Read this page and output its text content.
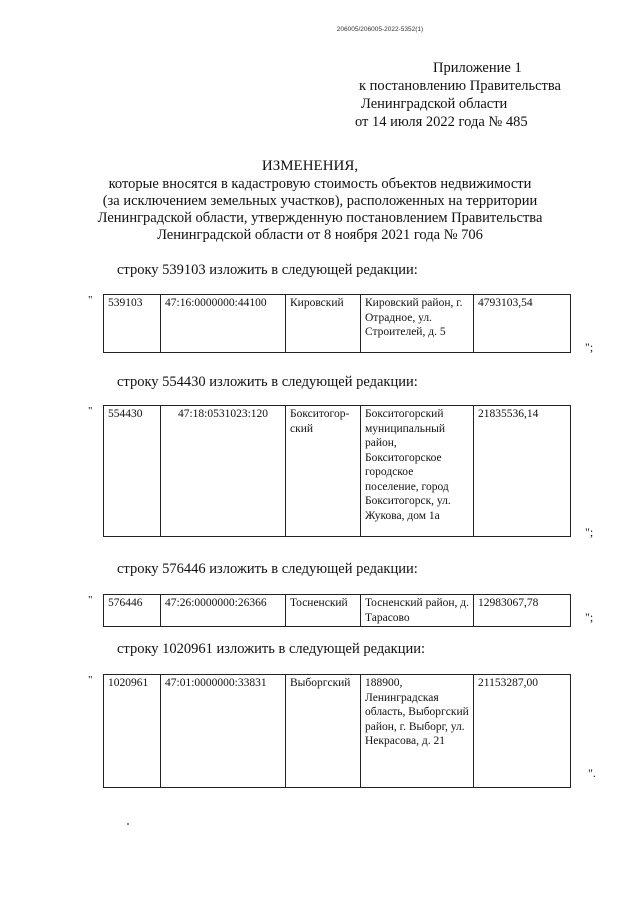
206005/206005-2022-5352(1)
Приложение 1
к постановлению Правительства
Ленинградской области
от 14 июля 2022 года № 485
ИЗМЕНЕНИЯ,
которые вносятся в кадастровую стоимость объектов недвижимости
(за исключением земельных участков), расположенных на территории
Ленинградской области, утвержденную постановлением Правительства
Ленинградской области от 8 ноября 2021 года № 706
строку 539103 изложить в следующей редакции:
" 539103	47:16:0000000:44100	Кировский	Кировский район, г. Отрадное, ул. Строителей, д. 5	4793103,54
";
строку 554430 изложить в следующей редакции:
" 554430	47:18:0531023:120	Бокситогор-ский	Бокситогорский муниципальный район, Бокситогорское городское поселение, город Бокситогорск, ул. Жукова, дом 1а	21835536,14
";
строку 576446 изложить в следующей редакции:
" 576446	47:26:0000000:26366	Тосненский	Тосненский район, д. Тарасово	12983067,78
";
строку 1020961 изложить в следующей редакции:
" 1020961	47:01:0000000:33831	Выборгский	188900, Ленинградская область, Выборгский район, г. Выборг, ул. Некрасова, д. 21	21153287,00
".
